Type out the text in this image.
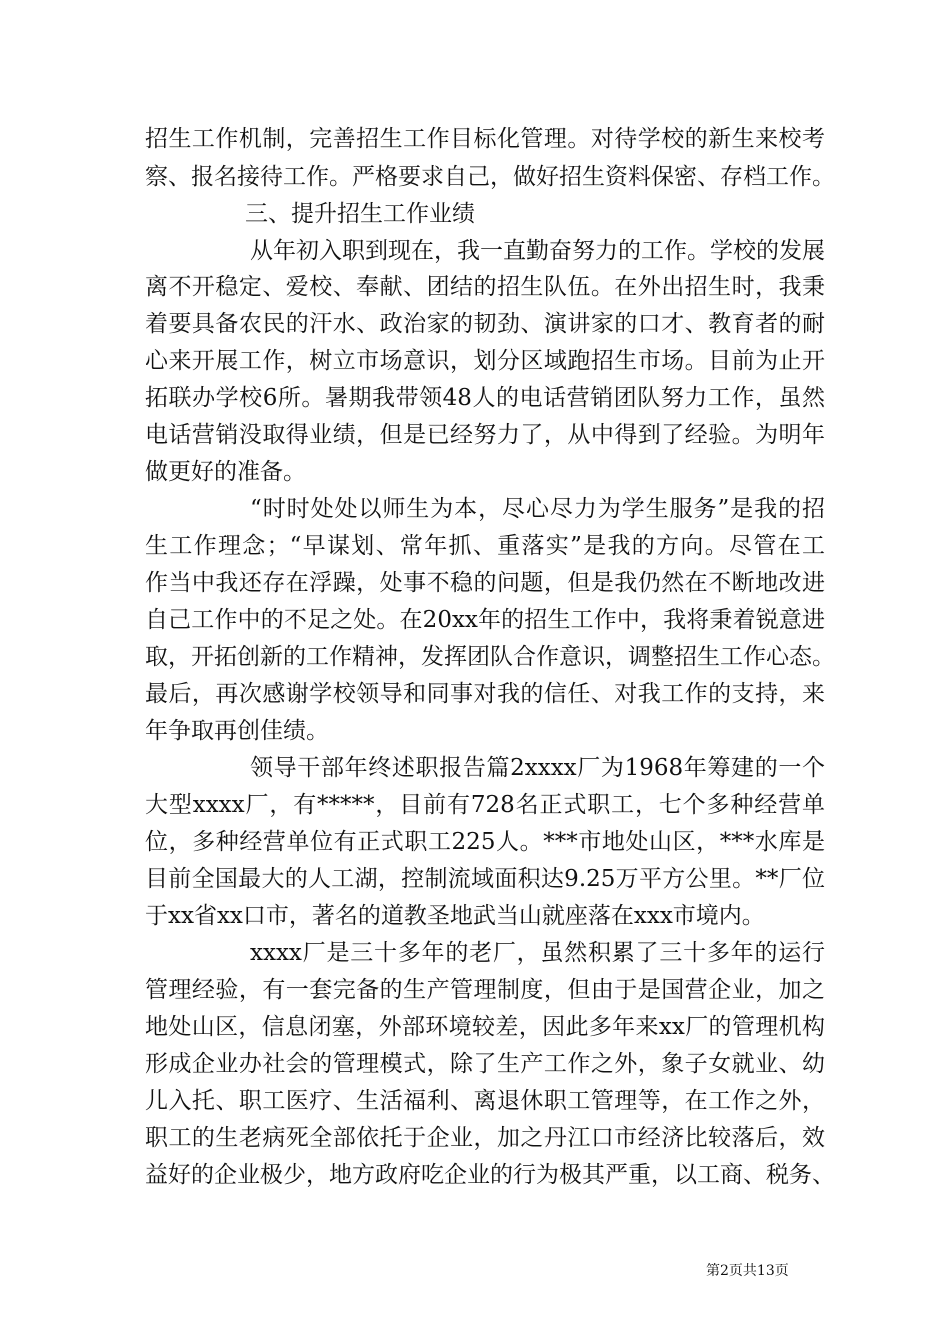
招生工作机制，完善招生工作目标化管理。对待学校的新生来校考
察、报名接待工作。严格要求自己，做好招生资料保密、存档工作。
三、提升招生工作业绩
从年初入职到现在，我一直勤奋努力的工作。学校的发展
离不开稳定、爱校、奉献、团结的招生队伍。在外出招生时，我秉
着要具备农民的汗水、政治家的韧劲、演讲家的口才、教育者的耐
心来开展工作，树立市场意识，划分区域跑招生市场。目前为止开
拓联办学校6所。暑期我带领48人的电话营销团队努力工作，虽然
电话营销没取得业绩，但是已经努力了，从中得到了经验。为明年
做更好的准备。
“时时处处以师生为本，尽心尽力为学生服务”是我的招
生工作理念；“早谋划、常年抓、重落实”是我的方向。尽管在工
作当中我还存在浮躁，处事不稳的问题，但是我仍然在不断地改进
自己工作中的不足之处。在20xx年的招生工作中，我将秉着锐意进
取，开拓创新的工作精神，发挥团队合作意识，调整招生工作心态。
最后，再次感谢学校领导和同事对我的信任、对我工作的支持，来
年争取再创佳绩。
领导干部年终述职报告篇2xxxx厂为1968年筹建的一个
大型xxxx厂，有*****，目前有728名正式职工，七个多种经营单
位，多种经营单位有正式职工225人。***市地处山区，***水库是
目前全国最大的人工湖，控制流域面积达9.25万平方公里。**厂位
于xx省xx口市，著名的道教圣地武当山就座落在xxx市境内。
xxxx厂是三十多年的老厂，虽然积累了三十多年的运行
管理经验，有一套完备的生产管理制度，但由于是国营企业，加之
地处山区，信息闭塞，外部环境较差，因此多年来xx厂的管理机构
形成企业办社会的管理模式，除了生产工作之外，象子女就业、幼
儿入托、职工医疗、生活福利、离退休职工管理等，在工作之外，
职工的生老病死全部依托于企业，加之丹江口市经济比较落后，效
益好的企业极少，地方政府吃企业的行为极其严重，以工商、税务、
第2页共13页
